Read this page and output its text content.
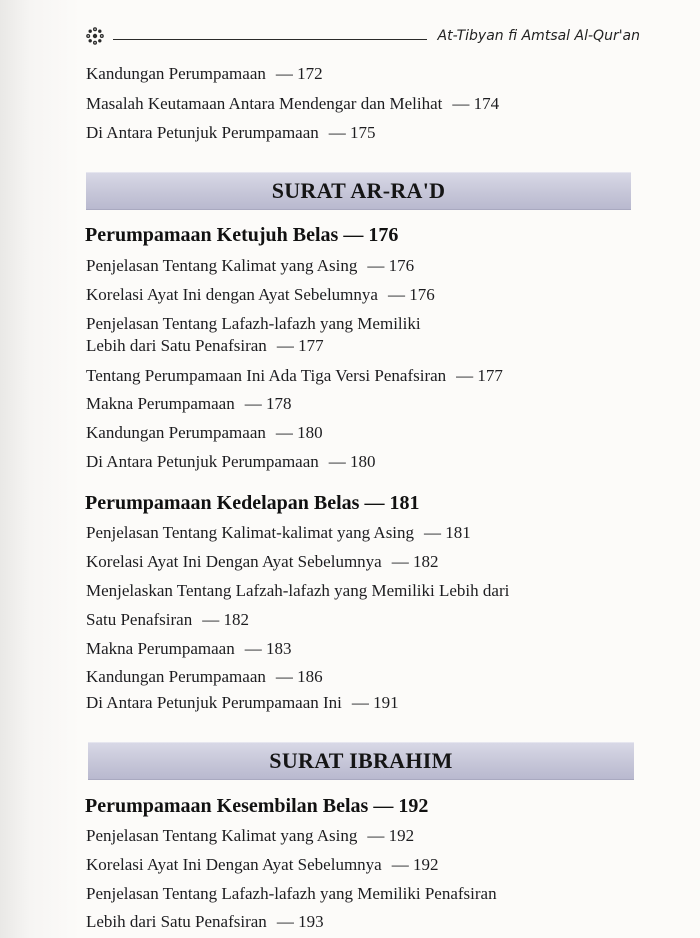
At-Tibyan fi Amtsal Al-Qur'an
Kandungan Perumpamaan — 172
Masalah Keutamaan Antara Mendengar dan Melihat — 174
Di Antara Petunjuk Perumpamaan — 175
SURAT AR-RA'D
Perumpamaan Ketujuh Belas — 176
Penjelasan Tentang Kalimat yang Asing — 176
Korelasi Ayat Ini dengan Ayat Sebelumnya — 176
Penjelasan Tentang Lafazh-lafazh yang Memiliki
Lebih dari Satu Penafsiran — 177
Tentang Perumpamaan Ini Ada Tiga Versi Penafsiran — 177
Makna Perumpamaan — 178
Kandungan Perumpamaan — 180
Di Antara Petunjuk Perumpamaan — 180
Perumpamaan Kedelapan Belas — 181
Penjelasan Tentang Kalimat-kalimat yang Asing — 181
Korelasi Ayat Ini Dengan Ayat Sebelumnya — 182
Menjelaskan Tentang Lafzah-lafazh yang Memiliki Lebih dari
Satu Penafsiran — 182
Makna Perumpamaan — 183
Kandungan Perumpamaan — 186
Di Antara Petunjuk Perumpamaan Ini — 191
SURAT IBRAHIM
Perumpamaan Kesembilan Belas — 192
Penjelasan Tentang Kalimat yang Asing — 192
Korelasi Ayat Ini Dengan Ayat Sebelumnya — 192
Penjelasan Tentang Lafazh-lafazh yang Memiliki Penafsiran
Lebih dari Satu Penafsiran — 193
